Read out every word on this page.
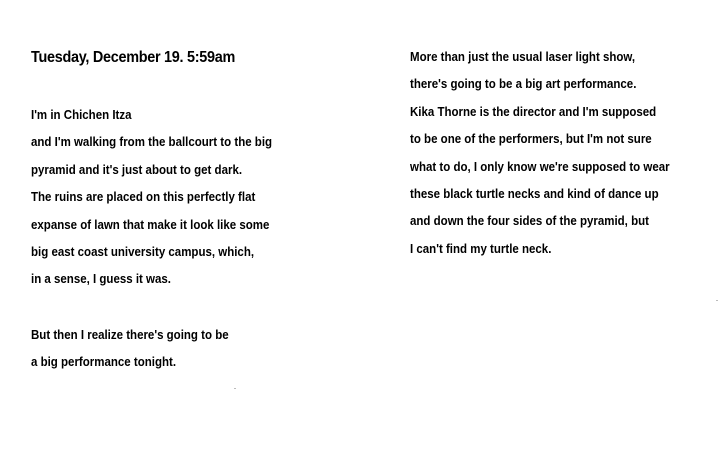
Tuesday, December 19. 5:59am

I'm in Chichen Itza
and I'm walking from the ballcourt to the big
pyramid and it's just about to get dark.
The ruins are placed on this perfectly flat
expanse of lawn that make it look like some
big east coast university campus, which,
in a sense, I guess it was.

But then I realize there's going to be
a big performance tonight.

More than just the usual laser light show,
there's going to be a big art performance.
Kika Thorne is the director and I'm supposed
to be one of the performers, but I'm not sure
what to do, I only know we're supposed to wear
these black turtle necks and kind of dance up
and down the four sides of the pyramid, but
I can't find my turtle neck.
